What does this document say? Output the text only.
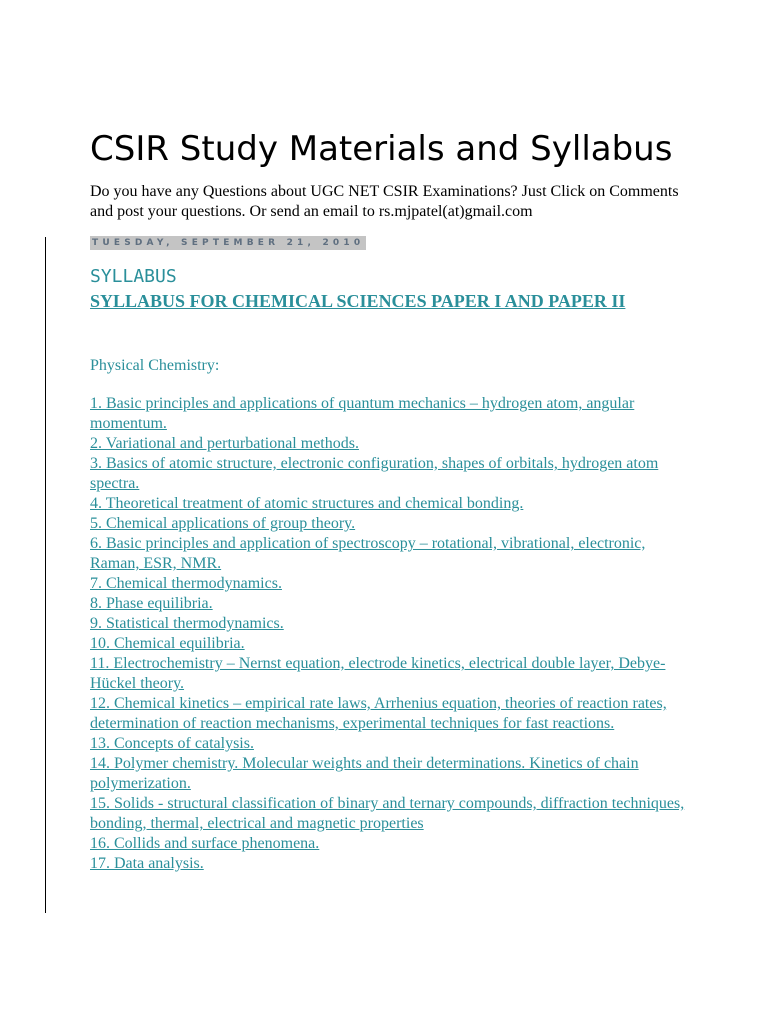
CSIR Study Materials and Syllabus

Do you have any Questions about UGC NET CSIR Examinations? Just Click on Comments and post your questions. Or send an email to rs.mjpatel(at)gmail.com

TUESDAY, SEPTEMBER 21, 2010
SYLLABUS
SYLLABUS FOR CHEMICAL SCIENCES PAPER I AND PAPER II
Physical Chemistry:
1. Basic principles and applications of quantum mechanics – hydrogen atom, angular momentum.
2. Variational and perturbational methods.
3. Basics of atomic structure, electronic configuration, shapes of orbitals, hydrogen atom spectra.
4. Theoretical treatment of atomic structures and chemical bonding.
5. Chemical applications of group theory.
6. Basic principles and application of spectroscopy – rotational, vibrational, electronic, Raman, ESR, NMR.
7. Chemical thermodynamics.
8. Phase equilibria.
9. Statistical thermodynamics.
10. Chemical equilibria.
11. Electrochemistry – Nernst equation, electrode kinetics, electrical double layer, Debye-Hückel theory.
12. Chemical kinetics – empirical rate laws, Arrhenius equation, theories of reaction rates, determination of reaction mechanisms, experimental techniques for fast reactions.
13. Concepts of catalysis.
14. Polymer chemistry. Molecular weights and their determinations. Kinetics of chain polymerization.
15. Solids - structural classification of binary and ternary compounds, diffraction techniques, bonding, thermal, electrical and magnetic properties
16. Collids and surface phenomena.
17. Data analysis.
